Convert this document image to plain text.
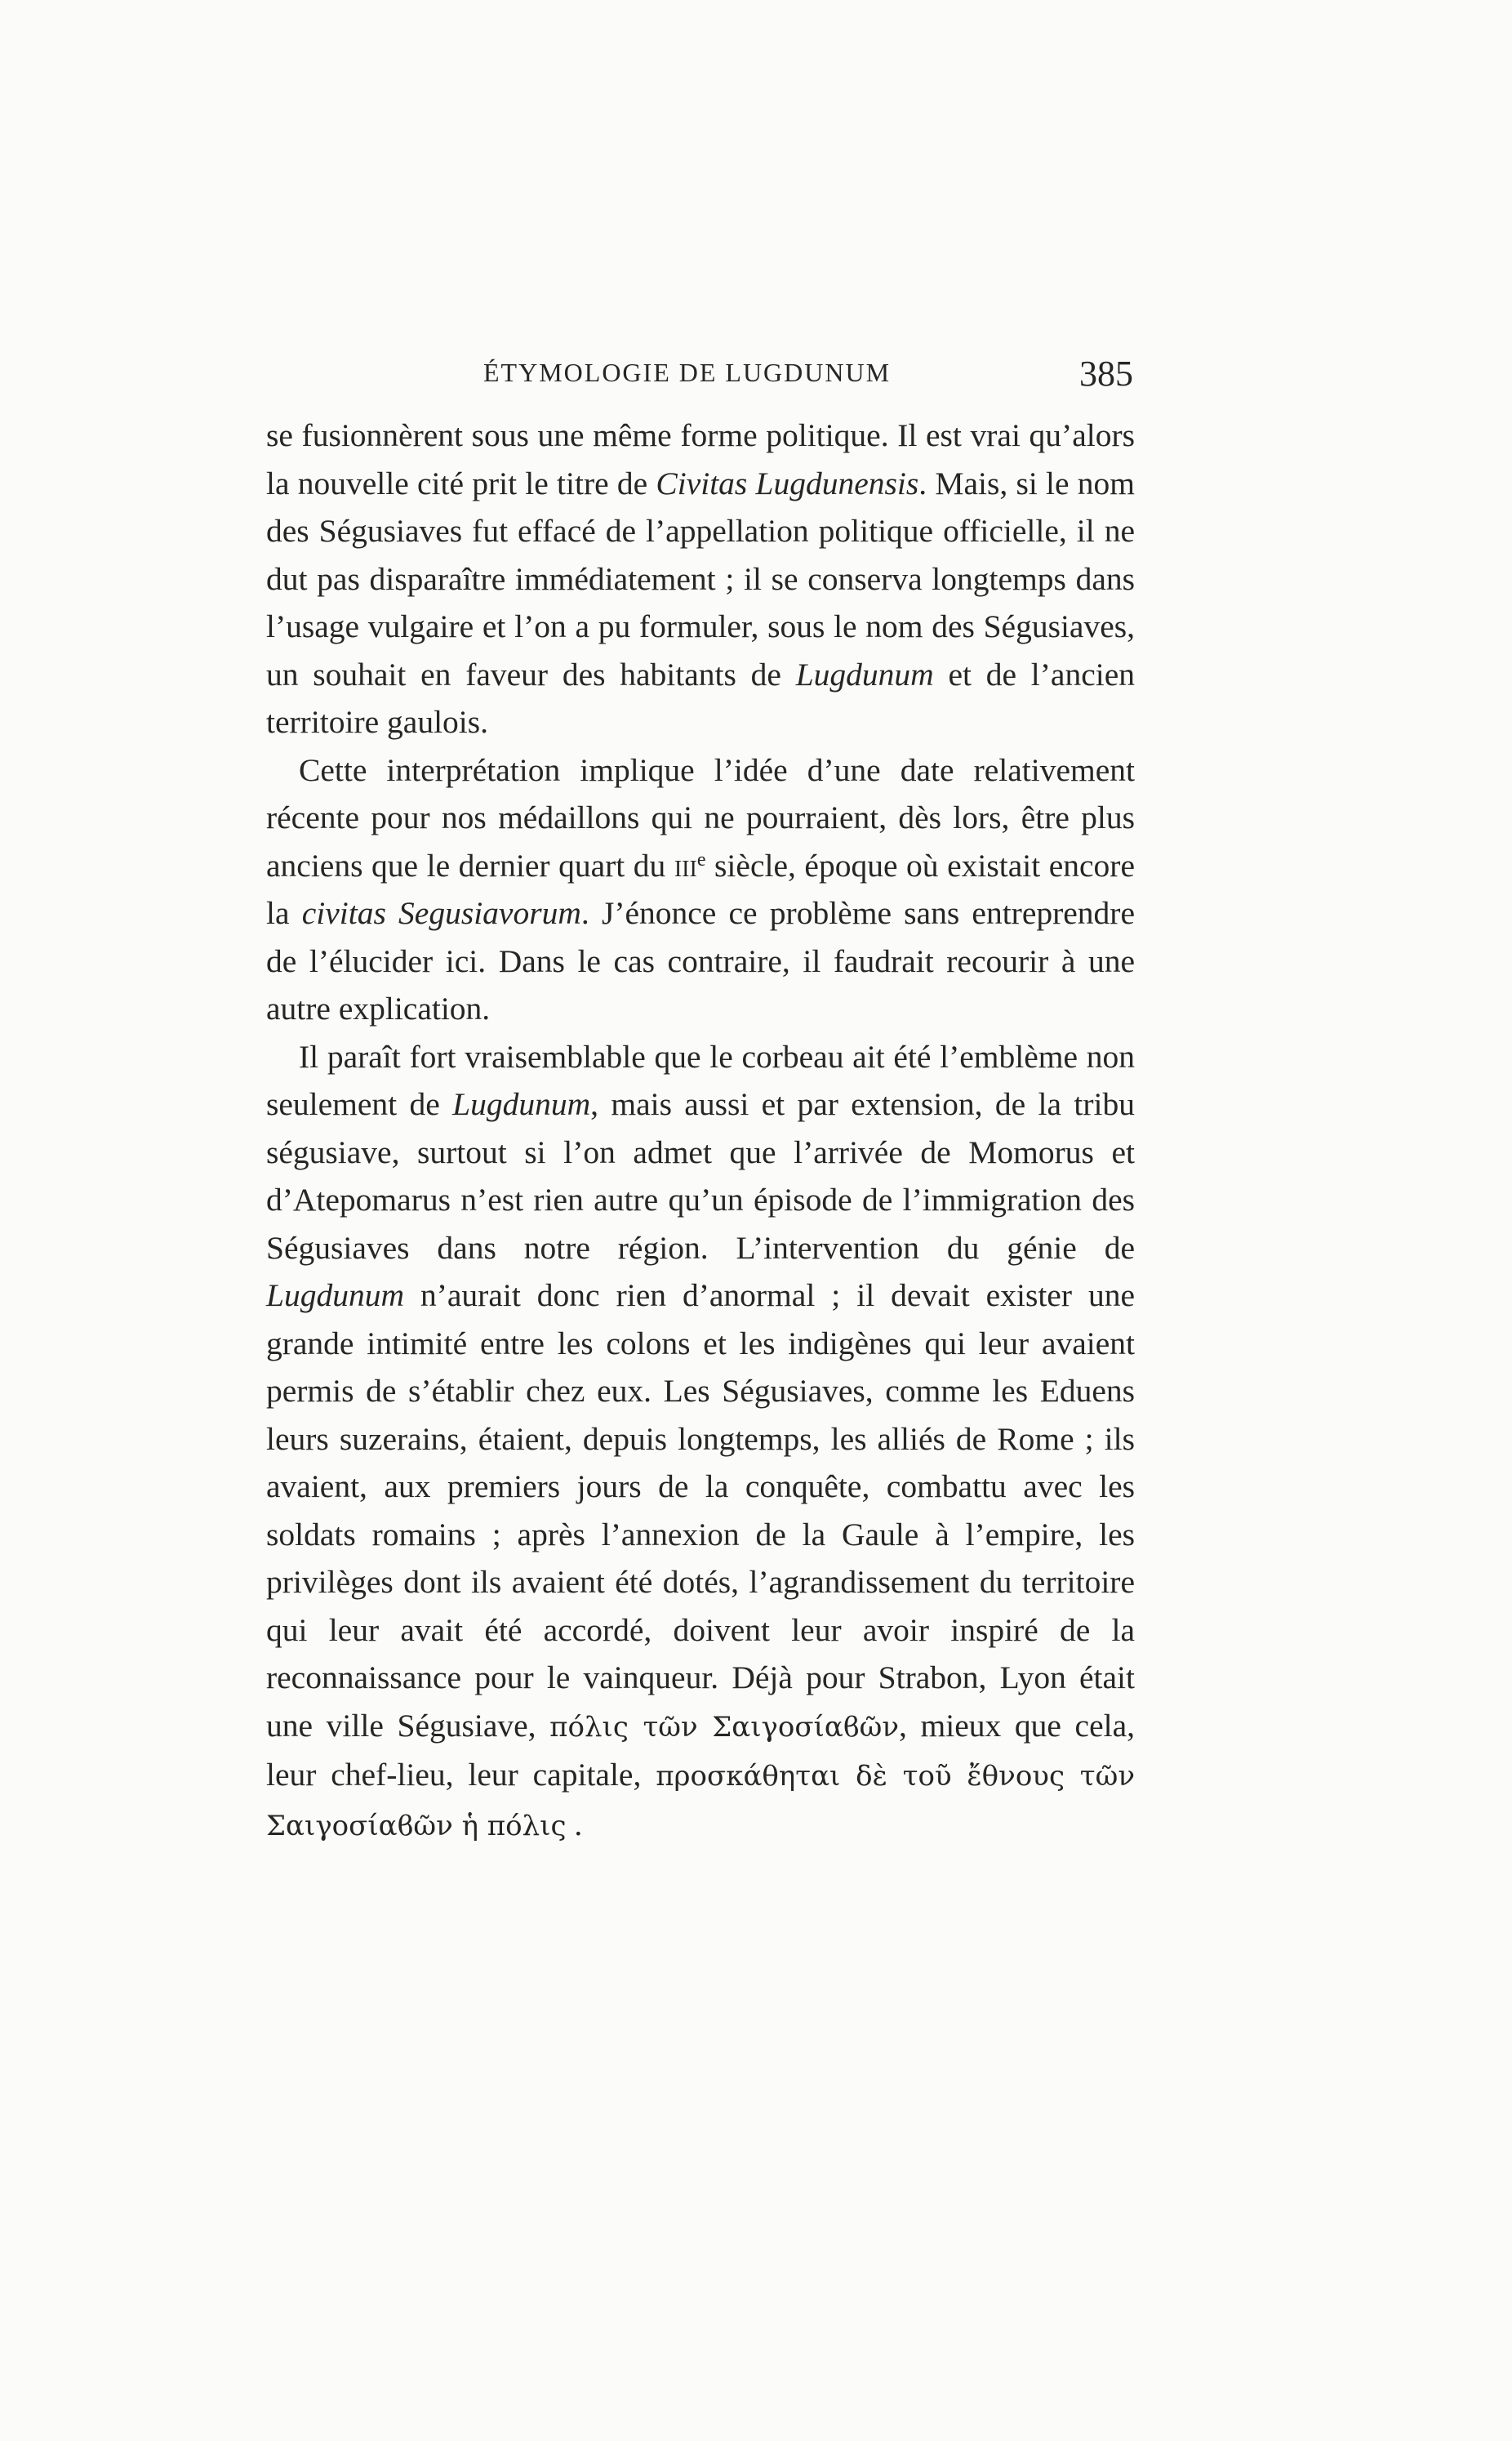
ÉTYMOLOGIE DE LUGDUNUM	385

se fusionnèrent sous une même forme politique. Il est vrai qu’alors la nouvelle cité prit le titre de Civitas Lugdunensis. Mais, si le nom des Ségusiaves fut effacé de l’appellation politique officielle, il ne dut pas disparaître immédiatement ; il se conserva longtemps dans l’usage vulgaire et l’on a pu formuler, sous le nom des Ségusiaves, un souhait en faveur des habitants de Lugdunum et de l’ancien territoire gaulois.

Cette interprétation implique l’idée d’une date relativement récente pour nos médaillons qui ne pourraient, dès lors, être plus anciens que le dernier quart du iii$^e$ siècle, époque où existait encore la civitas Segusiavorum. J’énonce ce problème sans entreprendre de l’élucider ici. Dans le cas contraire, il faudrait recourir à une autre explication.

Il paraît fort vraisemblable que le corbeau ait été l’emblème non seulement de Lugdunum, mais aussi et par extension, de la tribu ségusiave, surtout si l’on admet que l’arrivée de Momorus et d’Atepomarus n’est rien autre qu’un épisode de l’immigration des Ségusiaves dans notre région. L’intervention du génie de Lugdunum n’aurait donc rien d’anormal ; il devait exister une grande intimité entre les colons et les indigènes qui leur avaient permis de s’établir chez eux. Les Ségusiaves, comme les Eduens leurs suzerains, étaient, depuis longtemps, les alliés de Rome ; ils avaient, aux premiers jours de la conquête, combattu avec les soldats romains ; après l’annexion de la Gaule à l’empire, les privilèges dont ils avaient été dotés, l’agrandissement du territoire qui leur avait été accordé, doivent leur avoir inspiré de la reconnaissance pour le vainqueur. Déjà pour Strabon, Lyon était une ville Ségusiave, πόλις τῶν Σαιγοσίαϐῶν, mieux que cela, leur chef-lieu, leur capitale, προσκάθηται δὲ τοῦ ἔθνους τῶν Σαιγοσίαϐῶν ἡ πόλις .
